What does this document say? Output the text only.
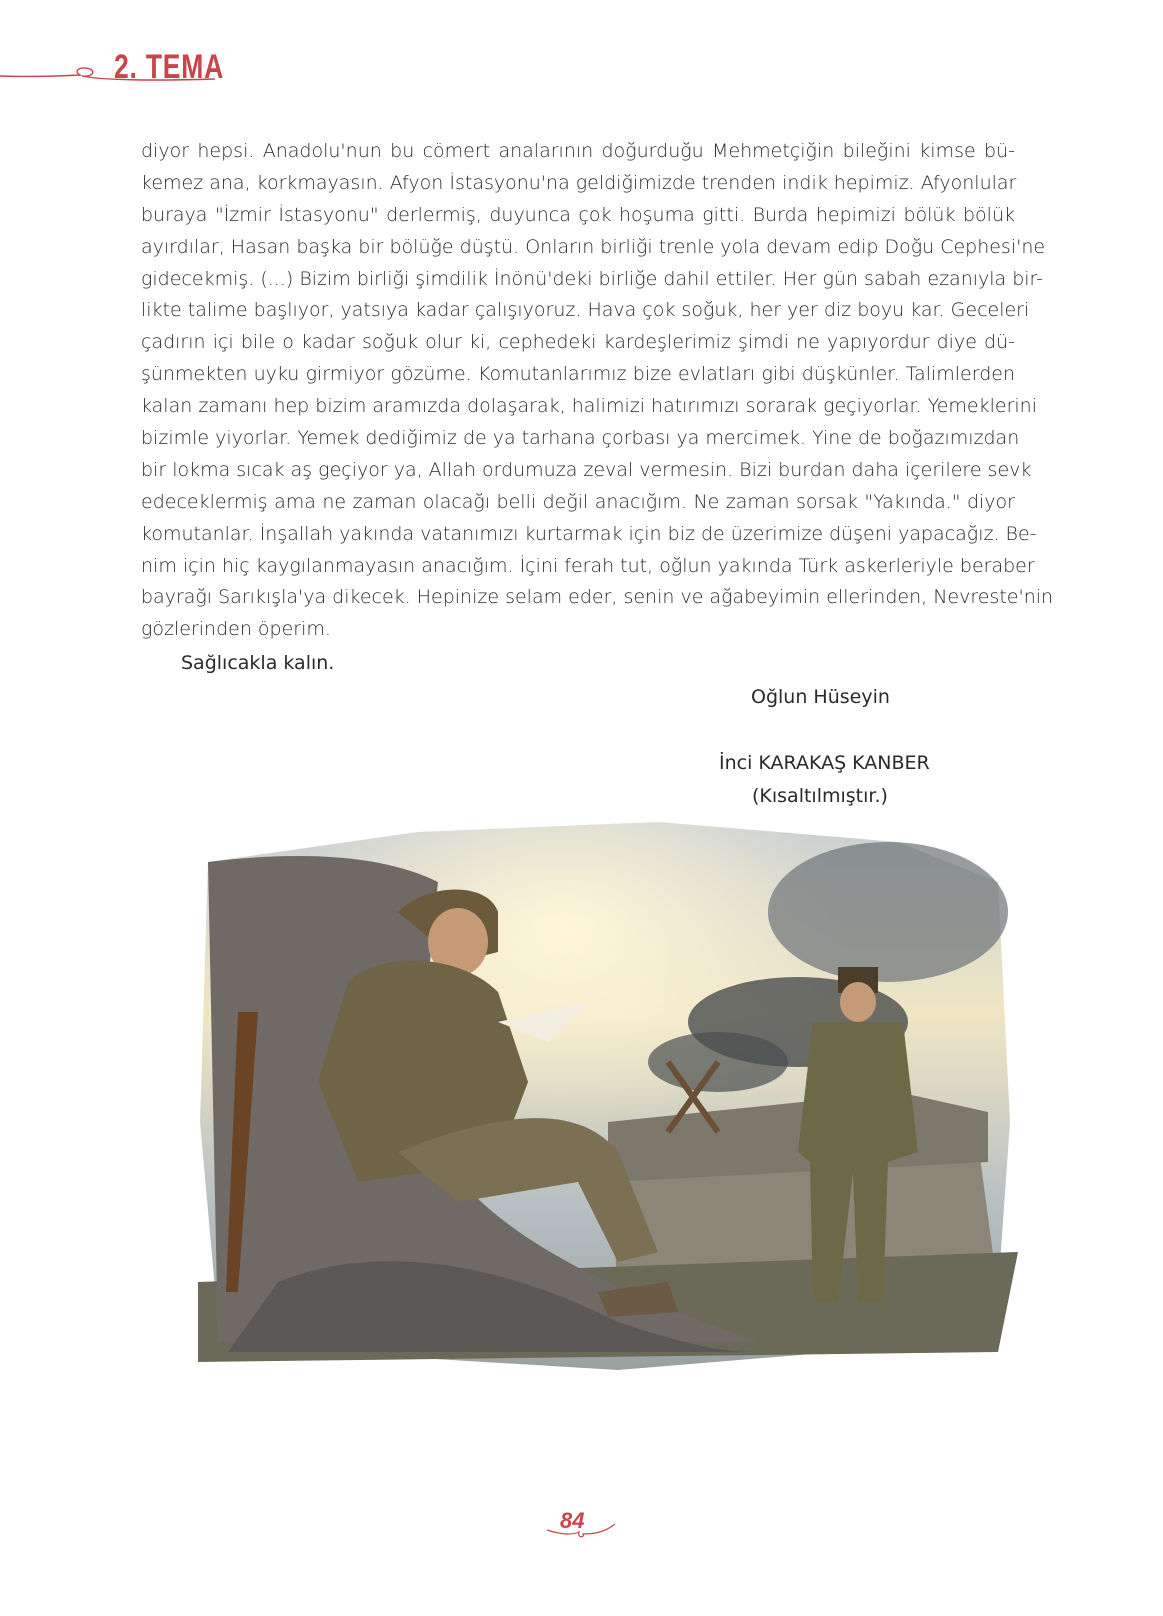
2. TEMA
diyor hepsi. Anadolu'nun bu cömert analarının doğurduğu Mehmetçiğin bileğini kimse bü-
kemez ana, korkmayasın. Afyon İstasyonu'na geldiğimizde trenden indik hepimiz. Afyonlular
buraya "İzmir İstasyonu" derlermiş, duyunca çok hoşuma gitti. Burda hepimizi bölük bölük
ayırdılar, Hasan başka bir bölüğe düştü. Onların birliği trenle yola devam edip Doğu Cephesi'ne
gidecekmiş. (...) Bizim birliği şimdilik İnönü'deki birliğe dahil ettiler. Her gün sabah ezanıyla bir-
likte talime başlıyor, yatsıya kadar çalışıyoruz. Hava çok soğuk, her yer diz boyu kar. Geceleri
çadırın içi bile o kadar soğuk olur ki, cephedeki kardeşlerimiz şimdi ne yapıyordur diye dü-
şünmekten uyku girmiyor gözüme. Komutanlarımız bize evlatları gibi düşkünler. Talimlerden
kalan zamanı hep bizim aramızda dolaşarak, halimizi hatırımızı sorarak geçiyorlar. Yemeklerini
bizimle yiyorlar. Yemek dediğimiz de ya tarhana çorbası ya mercimek. Yine de boğazımızdan
bir lokma sıcak aş geçiyor ya, Allah ordumuza zeval vermesin. Bizi burdan daha içerilere sevk
edeceklermiş ama ne zaman olacağı belli değil anacığım. Ne zaman sorsak "Yakında." diyor
komutanlar. İnşallah yakında vatanımızı kurtarmak için biz de üzerimize düşeni yapacağız. Be-
nim için hiç kaygılanmayasın anacığım. İçini ferah tut, oğlun yakında Türk askerleriyle beraber
bayrağı Sarıkışla'ya dikecek. Hepinize selam eder, senin ve ağabeyimin ellerinden, Nevreste'nin
gözlerinden öperim.
Sağlıcakla kalın.
Oğlun Hüseyin
İnci KARAKAŞ KANBER
(Kısaltılmıştır.)
84
